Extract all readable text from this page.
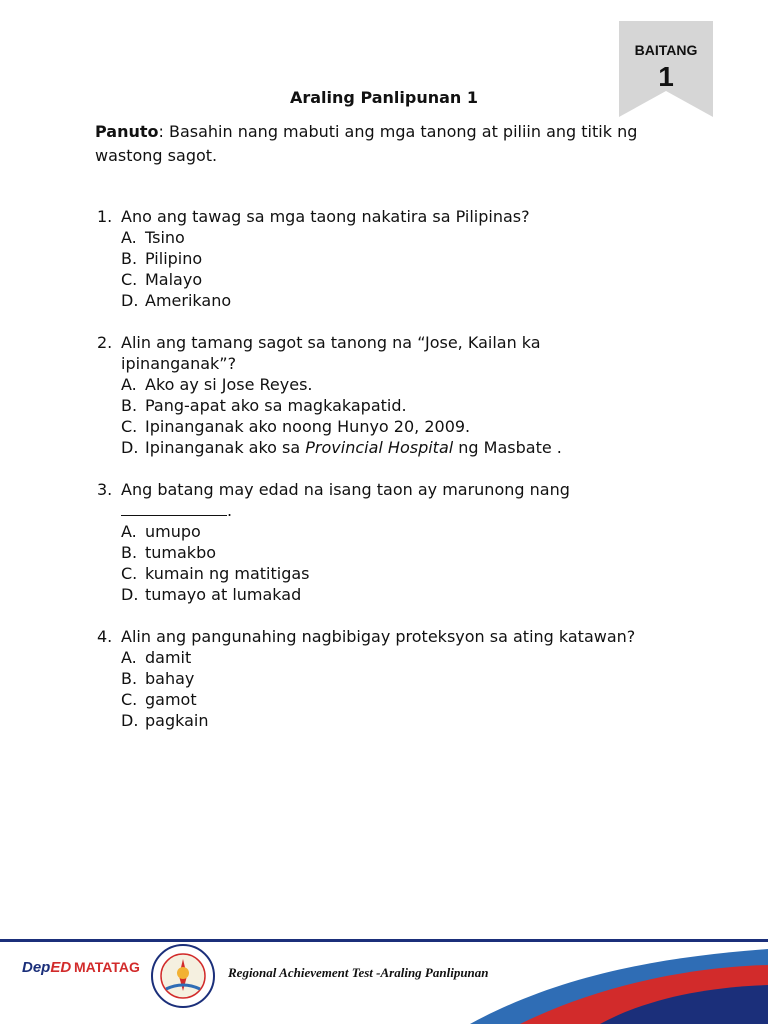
BAITANG
1
Araling Panlipunan 1
Panuto: Basahin nang mabuti ang mga tanong at piliin ang titik ng wastong sagot.
1. Ano ang tawag sa mga taong nakatira sa Pilipinas?
A. Tsino
B. Pilipino
C. Malayo
D. Amerikano
2. Alin ang tamang sagot sa tanong na “Jose, Kailan ka ipinanganak”?
A. Ako ay si Jose Reyes.
B. Pang-apat ako sa magkakapatid.
C. Ipinanganak ako noong Hunyo 20, 2009.
D. Ipinanganak ako sa Provincial Hospital ng Masbate .
3. Ang batang may edad na isang taon ay marunong nang
.
A. umupo
B. tumakbo
C. kumain ng matitigas
D. tumayo at lumakad
4. Alin ang pangunahing nagbibigay proteksyon sa ating katawan?
A. damit
B. bahay
C. gamot
D. pagkain
DepED MATATAG	Regional Achievement Test -Araling Panlipunan
